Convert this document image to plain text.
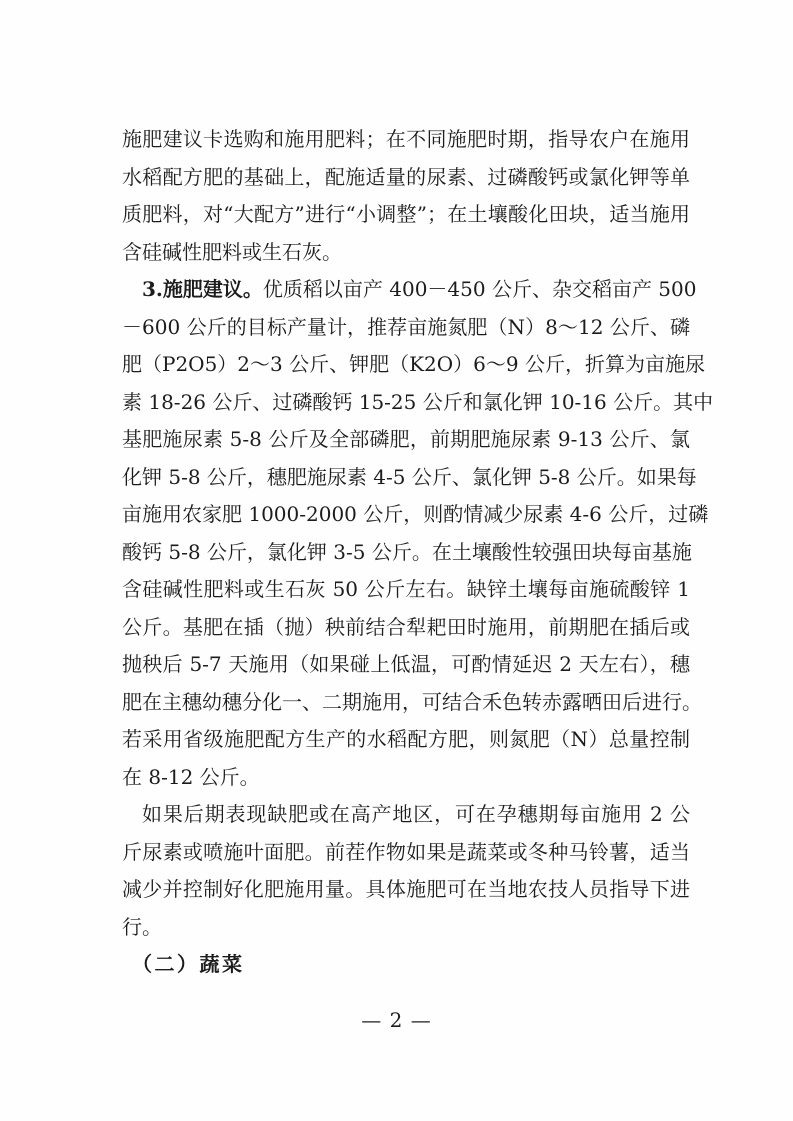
施肥建议卡选购和施用肥料；在不同施肥时期，指导农户在施用
水稻配方肥的基础上，配施适量的尿素、过磷酸钙或氯化钾等单
质肥料，对“大配方”进行“小调整”；在土壤酸化田块，适当施用
含硅碱性肥料或生石灰。
3.施肥建议。优质稻以亩产 400－450 公斤、杂交稻亩产 500
－600 公斤的目标产量计，推荐亩施氮肥（N）8～12 公斤、磷
肥（P2O5）2～3 公斤、钾肥（K2O）6～9 公斤，折算为亩施尿
素 18-26 公斤、过磷酸钙 15-25 公斤和氯化钾 10-16 公斤。其中
基肥施尿素 5-8 公斤及全部磷肥，前期肥施尿素 9-13 公斤、氯
化钾 5-8 公斤，穗肥施尿素 4-5 公斤、氯化钾 5-8 公斤。如果每
亩施用农家肥 1000-2000 公斤，则酌情减少尿素 4-6 公斤，过磷
酸钙 5-8 公斤，氯化钾 3-5 公斤。在土壤酸性较强田块每亩基施
含硅碱性肥料或生石灰 50 公斤左右。缺锌土壤每亩施硫酸锌 1
公斤。基肥在插（抛）秧前结合犁耙田时施用，前期肥在插后或
抛秧后 5-7 天施用（如果碰上低温，可酌情延迟 2 天左右），穗
肥在主穗幼穗分化一、二期施用，可结合禾色转赤露晒田后进行。
若采用省级施肥配方生产的水稻配方肥，则氮肥（N）总量控制
在 8-12 公斤。
如果后期表现缺肥或在高产地区，可在孕穗期每亩施用 2 公
斤尿素或喷施叶面肥。前茬作物如果是蔬菜或冬种马铃薯，适当
减少并控制好化肥施用量。具体施肥可在当地农技人员指导下进
行。
（二）蔬菜
— 2 —
